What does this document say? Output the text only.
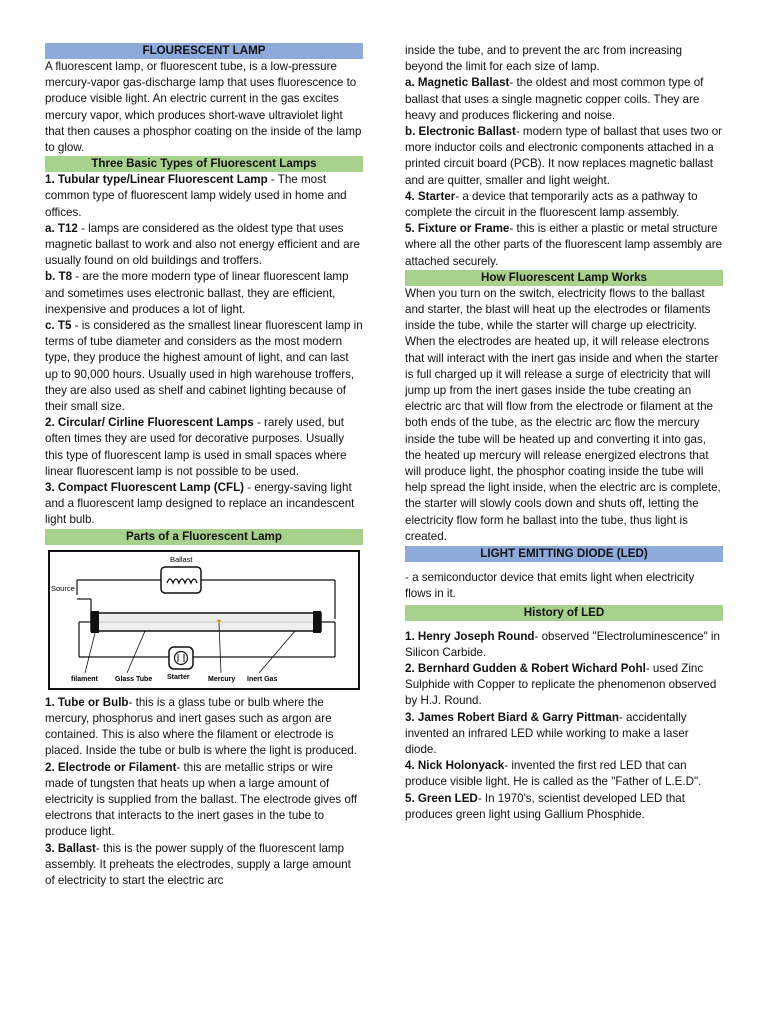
FLOURESCENT LAMP

A fluorescent lamp, or fluorescent tube, is a low-pressure mercury-vapor gas-discharge lamp that uses fluorescence to produce visible light. An electric current in the gas excites mercury vapor, which produces short-wave ultraviolet light that then causes a phosphor coating on the inside of the lamp to glow.

Three Basic Types of Fluorescent Lamps

1. Tubular type/Linear Fluorescent Lamp - The most common type of fluorescent lamp widely used in home and offices.

a. T12 - lamps are considered as the oldest type that uses magnetic ballast to work and also not energy efficient and are usually found on old buildings and troffers.

b. T8 - are the more modern type of linear fluorescent lamp and sometimes uses electronic ballast, they are efficient, inexpensive and produces a lot of light.

c. T5 - is considered as the smallest linear fluorescent lamp in terms of tube diameter and considers as the most modern type, they produce the highest amount of light, and can last up to 90,000 hours. Usually used in high warehouse troffers, they are also used as shelf and cabinet lighting because of their small size.

2. Circular/ Cirline Fluorescent Lamps - rarely used, but often times they are used for decorative purposes. Usually this type of fluorescent lamp is used in small spaces where linear fluorescent lamp is not possible to be used.

3. Compact Fluorescent Lamp (CFL) - energy-saving light and a fluorescent lamp designed to replace an incandescent light bulb.

Parts of a Fluorescent Lamp
Ballast
Source
filament Glass Tube Starter	Mercury Inert Gas

1. Tube or Bulb- this is a glass tube or bulb where the mercury, phosphorus and inert gases such as argon are contained. This is also where the filament or electrode is placed. Inside the tube or bulb is where the light is produced.

2. Electrode or Filament- this are metallic strips or wire made of tungsten that heats up when a large amount of electricity is supplied from the ballast. The electrode gives off electrons that interacts to the inert gases in the tube to produce light.

3. Ballast- this is the power supply of the fluorescent lamp assembly. It preheats the electrodes, supply a large amount of electricity to start the electric arc

inside the tube, and to prevent the arc from increasing beyond the limit for each size of lamp.

a. Magnetic Ballast- the oldest and most common type of ballast that uses a single magnetic copper coils. They are heavy and produces flickering and noise.

b. Electronic Ballast- modern type of ballast that uses two or more inductor coils and electronic components attached in a printed circuit board (PCB). It now replaces magnetic ballast and are quitter, smaller and light weight.

4. Starter- a device that temporarily acts as a pathway to complete the circuit in the fluorescent lamp assembly.

5. Fixture or Frame- this is either a plastic or metal structure where all the other parts of the fluorescent lamp assembly are attached securely.

How Fluorescent Lamp Works

When you turn on the switch, electricity flows to the ballast and starter, the blast will heat up the electrodes or filaments inside the tube, while the starter will charge up electricity. When the electrodes are heated up, it will release electrons that will interact with the inert gas inside and when the starter is full charged up it will release a surge of electricity that will jump up from the inert gases inside the tube creating an electric arc that will flow from the electrode or filament at the both ends of the tube, as the electric arc flow the mercury inside the tube will be heated up and converting it into gas, the heated up mercury will release energized electrons that will produce light, the phosphor coating inside the tube will help spread the light inside, when the electric arc is complete, the starter will slowly cools down and shuts off, letting the electricity flow form he ballast into the tube, thus light is created.

LIGHT EMITTING DIODE (LED)

- a semiconductor device that emits light when electricity flows in it.

History of LED

1. Henry Joseph Round- observed "Electroluminescence" in Silicon Carbide.

2. Bernhard Gudden & Robert Wichard Pohl- used Zinc Sulphide with Copper to replicate the phenomenon observed by H.J. Round.

3. James Robert Biard & Garry Pittman- accidentally invented an infrared LED while working to make a laser diode.

4. Nick Holonyack- invented the first red LED that can produce visible light. He is called as the "Father of L.E.D".

5. Green LED- In 1970's, scientist developed LED that produces green light using Gallium Phosphide.
